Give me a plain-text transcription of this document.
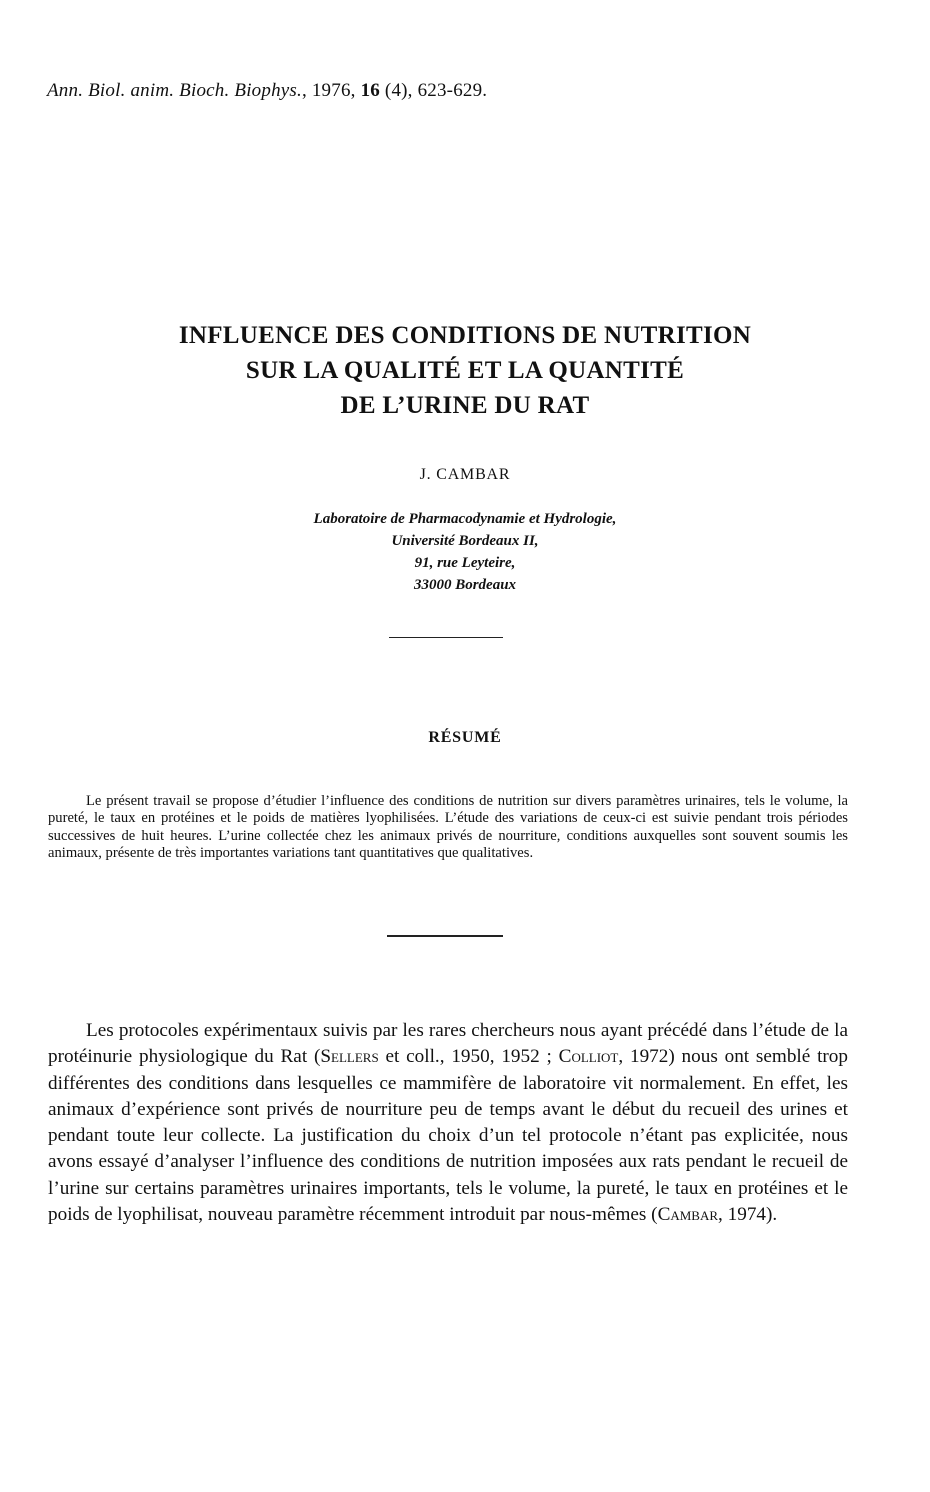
Ann. Biol. anim. Bioch. Biophys., 1976, 16 (4), 623-629.
INFLUENCE DES CONDITIONS DE NUTRITION
SUR LA QUALITÉ ET LA QUANTITÉ
DE L’URINE DU RAT
J. CAMBAR
Laboratoire de Pharmacodynamie et Hydrologie,
Université Bordeaux II,
91, rue Leyteire,
33000 Bordeaux
RÉSUMÉ
Le présent travail se propose d’étudier l’influence des conditions de nutrition sur divers paramètres urinaires, tels le volume, la pureté, le taux en protéines et le poids de matières lyophilisées. L’étude des variations de ceux-ci est suivie pendant trois périodes successives de huit heures. L’urine collectée chez les animaux privés de nourriture, conditions auxquelles sont souvent soumis les animaux, présente de très importantes variations tant quantitatives que qualitatives.
Les protocoles expérimentaux suivis par les rares chercheurs nous ayant précédé dans l’étude de la protéinurie physiologique du Rat (Sellers et coll., 1950, 1952 ; Colliot, 1972) nous ont semblé trop différentes des conditions dans lesquelles ce mammifère de laboratoire vit normalement. En effet, les animaux d’expérience sont privés de nourriture peu de temps avant le début du recueil des urines et pendant toute leur collecte. La justification du choix d’un tel protocole n’étant pas explicitée, nous avons essayé d’analyser l’influence des conditions de nutrition imposées aux rats pendant le recueil de l’urine sur certains paramètres urinaires importants, tels le volume, la pureté, le taux en protéines et le poids de lyophilisat, nouveau paramètre récemment introduit par nous-mêmes (Cambar, 1974).
